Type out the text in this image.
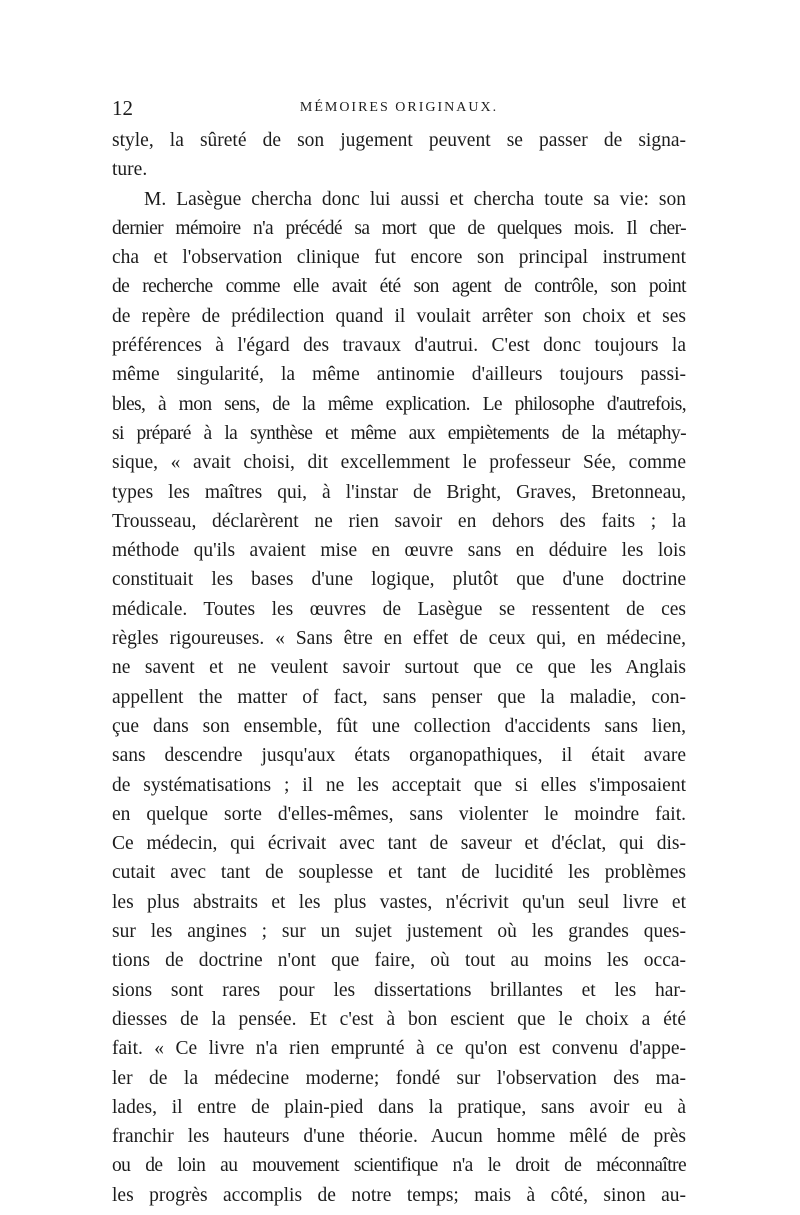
12	MÉMOIRES ORIGINAUX.
style, la sûreté de son jugement peuvent se passer de signa-
ture.
M. Lasègue chercha donc lui aussi et chercha toute sa vie: son
dernier mémoire n'a précédé sa mort que de quelques mois. Il cher-
cha et l'observation clinique fut encore son principal instrument
de recherche comme elle avait été son agent de contrôle, son point
de repère de prédilection quand il voulait arrêter son choix et ses
préférences à l'égard des travaux d'autrui. C'est donc toujours la
même singularité, la même antinomie d'ailleurs toujours passi-
bles, à mon sens, de la même explication. Le philosophe d'autrefois,
si préparé à la synthèse et même aux empiètements de la métaphy-
sique, « avait choisi, dit excellemment le professeur Sée, comme
types les maîtres qui, à l'instar de Bright, Graves, Bretonneau,
Trousseau, déclarèrent ne rien savoir en dehors des faits ; la
méthode qu'ils avaient mise en œuvre sans en déduire les lois
constituait les bases d'une logique, plutôt que d'une doctrine
médicale. Toutes les œuvres de Lasègue se ressentent de ces
règles rigoureuses. « Sans être en effet de ceux qui, en médecine,
ne savent et ne veulent savoir surtout que ce que les Anglais
appellent the matter of fact, sans penser que la maladie, con-
çue dans son ensemble, fût une collection d'accidents sans lien,
sans descendre jusqu'aux états organopathiques, il était avare
de systématisations ; il ne les acceptait que si elles s'imposaient
en quelque sorte d'elles-mêmes, sans violenter le moindre fait.
Ce médecin, qui écrivait avec tant de saveur et d'éclat, qui dis-
cutait avec tant de souplesse et tant de lucidité les problèmes
les plus abstraits et les plus vastes, n'écrivit qu'un seul livre et
sur les angines ; sur un sujet justement où les grandes ques-
tions de doctrine n'ont que faire, où tout au moins les occa-
sions sont rares pour les dissertations brillantes et les har-
diesses de la pensée. Et c'est à bon escient que le choix a été
fait. « Ce livre n'a rien emprunté à ce qu'on est convenu d'appe-
ler de la médecine moderne; fondé sur l'observation des ma-
lades, il entre de plain-pied dans la pratique, sans avoir eu à
franchir les hauteurs d'une théorie. Aucun homme mêlé de près
ou de loin au mouvement scientifique n'a le droit de méconnaître
les progrès accomplis de notre temps; mais à côté, sinon au-
